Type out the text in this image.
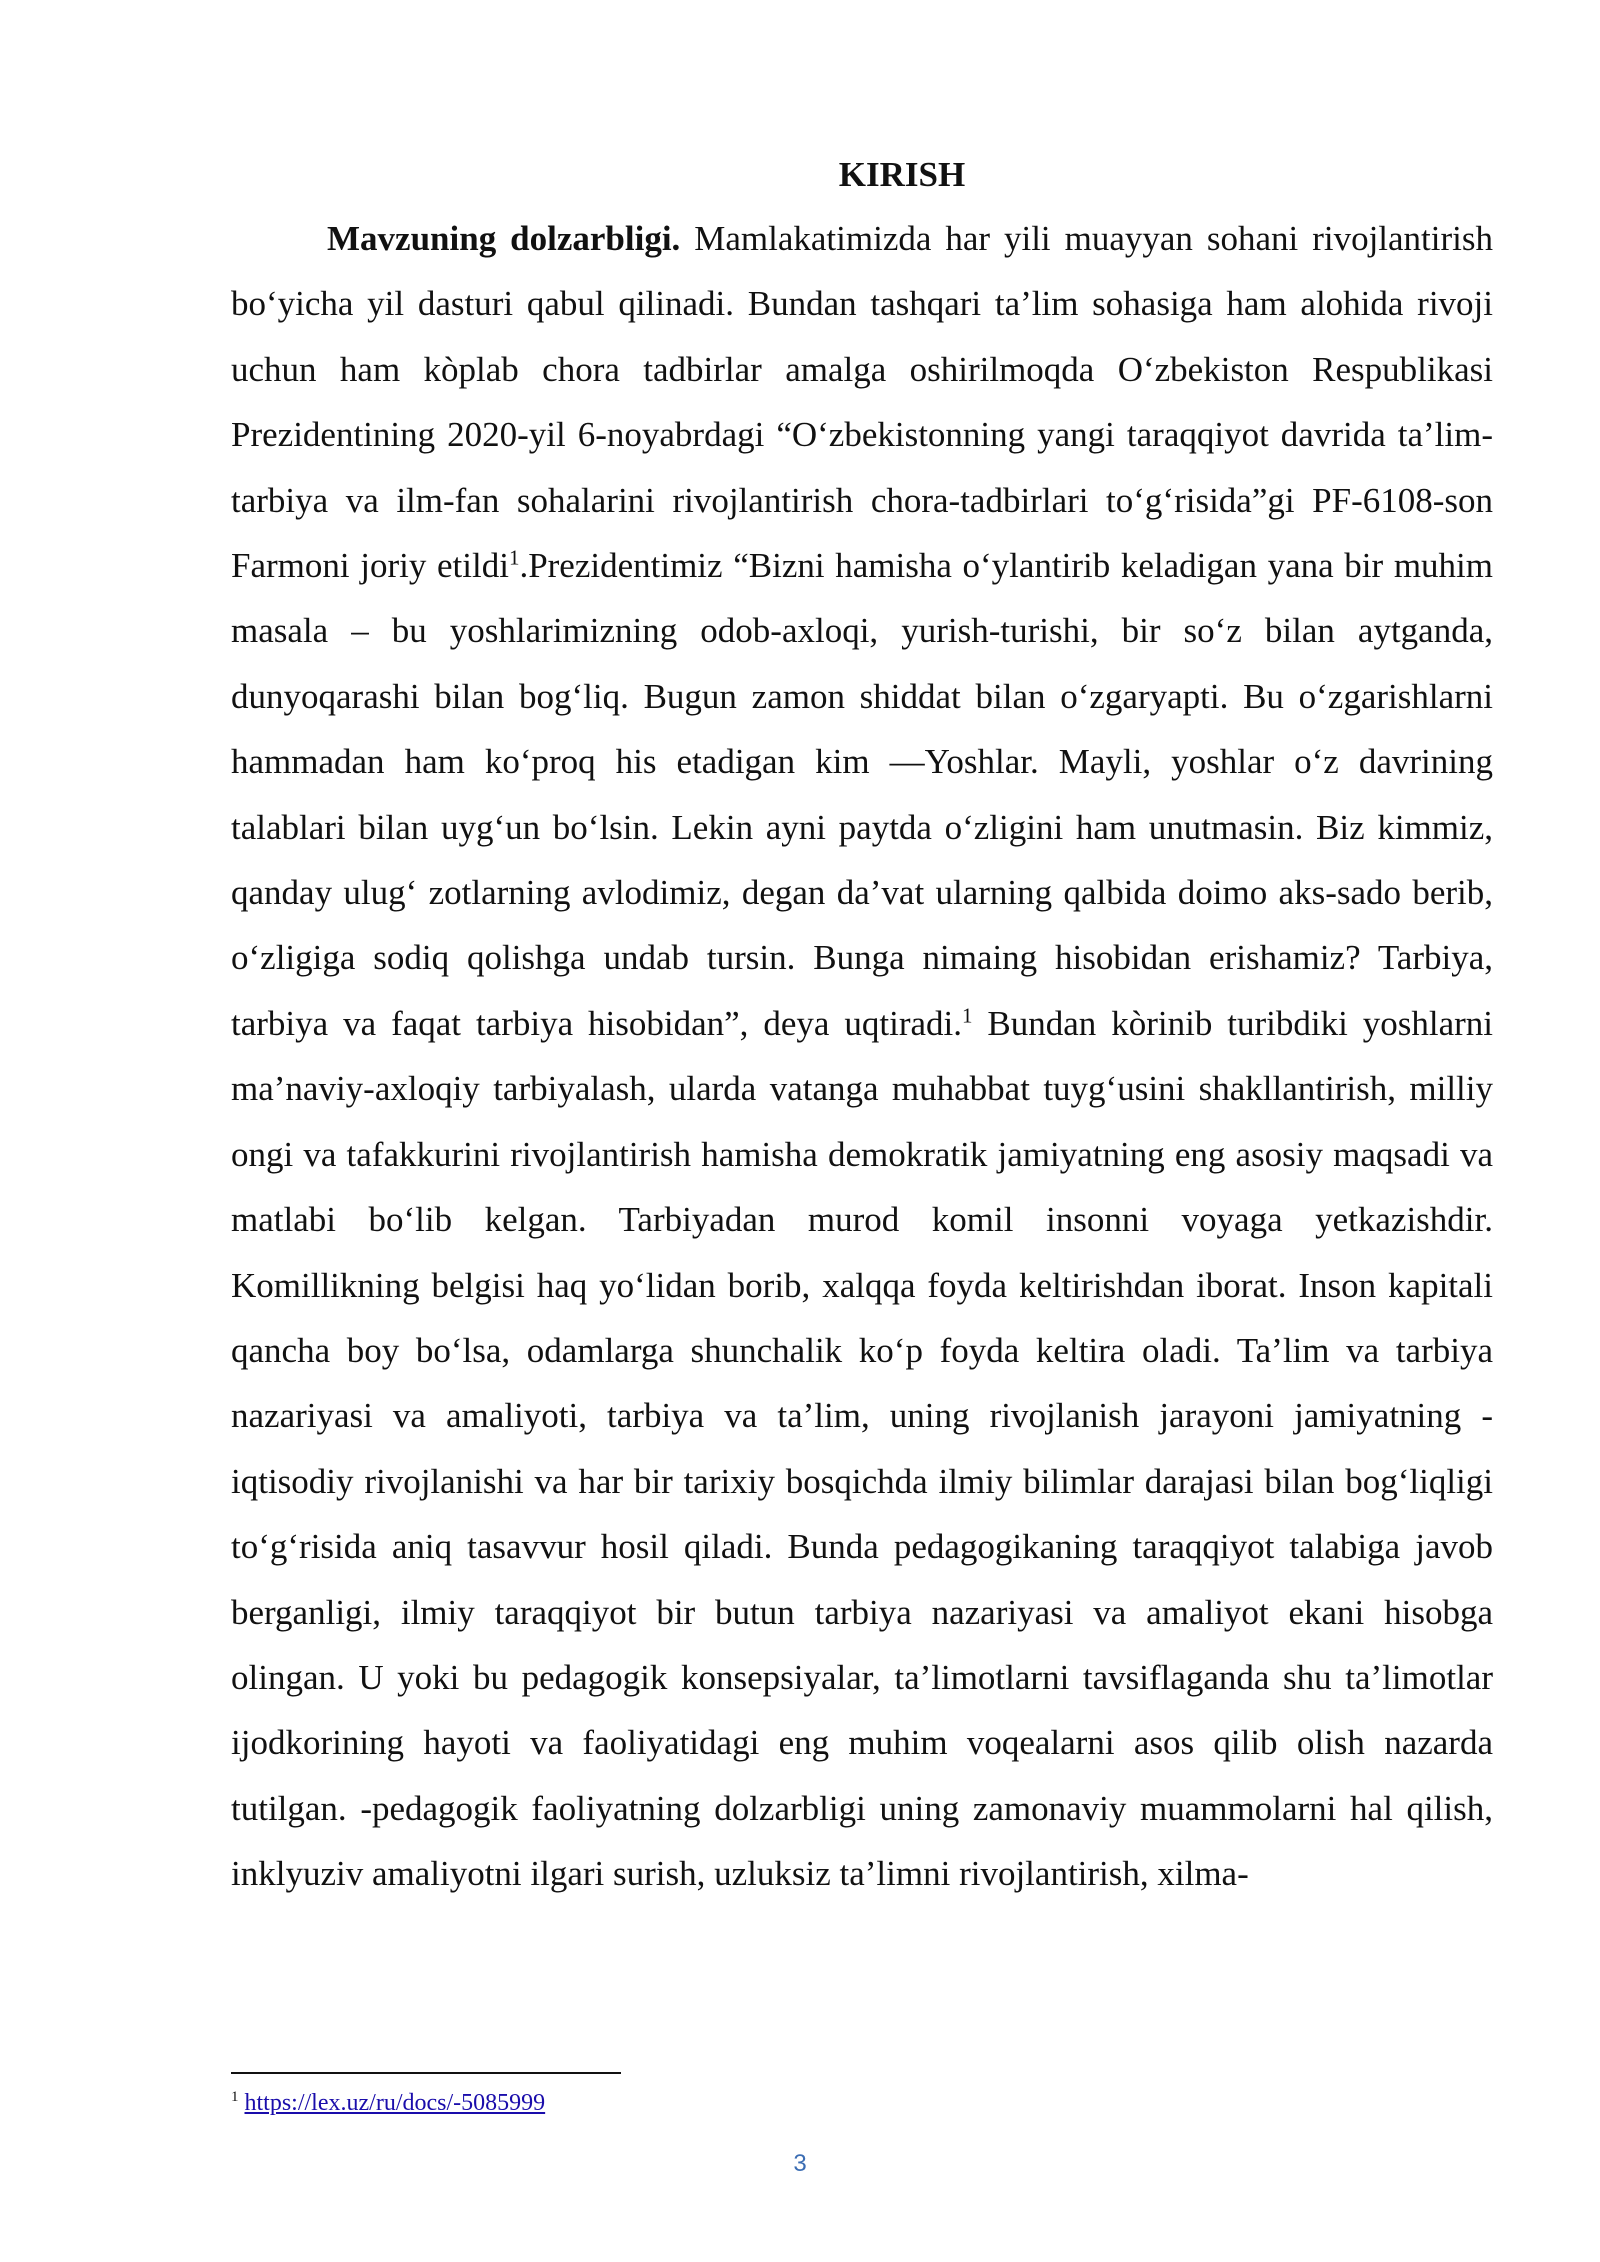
KIRISH

Mavzuning dolzarbligi. Mamlakatimizda har yili muayyan sohani rivojlantirish bo‘yicha yil dasturi qabul qilinadi. Bundan tashqari ta’lim sohasiga ham alohida rivoji uchun ham kòplab chora tadbirlar amalga oshirilmoqda O‘zbekiston Respublikasi Prezidentining 2020-yil 6-noyabrdagi “O‘zbekistonning yangi taraqqiyot davrida ta’lim-tarbiya va ilm-fan sohalarini rivojlantirish chora-tadbirlari to‘g‘risida”gi PF-6108-son Farmoni joriy etildi$^1$.Prezidentimiz “Bizni hamisha o‘ylantirib keladigan yana bir muhim masala – bu yoshlarimizning odob-axloqi, yurish-turishi, bir so‘z bilan aytganda, dunyoqarashi bilan bog‘liq. Bugun zamon shiddat bilan o‘zgaryapti. Bu o‘zgarishlarni hammadan ham ko‘proq his etadigan kim —Yoshlar. Mayli, yoshlar o‘z davrining talablari bilan uyg‘un bo‘lsin. Lekin ayni paytda o‘zligini ham unutmasin. Biz kimmiz, qanday ulug‘ zotlarning avlodimiz, degan da’vat ularning qalbida doimo aks-sado berib, o‘zligiga sodiq qolishga undab tursin. Bunga nimaing hisobidan erishamiz? Tarbiya, tarbiya va faqat tarbiya hisobidan”, deya uqtiradi.$^1$ Bundan kòrinib turibdiki yoshlarni ma’naviy-axloqiy tarbiyalash, ularda vatanga muhabbat tuyg‘usini shakllantirish, milliy ongi va tafakkurini rivojlantirish hamisha demokratik jamiyatning eng asosiy maqsadi va matlabi bo‘lib kelgan. Tarbiyadan murod komil insonni voyaga yetkazishdir. Komillikning belgisi haq yo‘lidan borib, xalqqa foyda keltirishdan iborat. Inson kapitali qancha boy bo‘lsa, odamlarga shunchalik ko‘p foyda keltira oladi. Ta’lim va tarbiya nazariyasi va amaliyoti, tarbiya va ta’lim, uning rivojlanish jarayoni jamiyatning -iqtisodiy rivojlanishi va har bir tarixiy bosqichda ilmiy bilimlar darajasi bilan bog‘liqligi to‘g‘risida aniq tasavvur hosil qiladi. Bunda pedagogikaning taraqqiyot talabiga javob berganligi, ilmiy taraqqiyot bir butun tarbiya nazariyasi va amaliyot ekani hisobga olingan. U yoki bu pedagogik konsepsiyalar, ta’limotlarni tavsiflaganda shu ta’limotlar ijodkorining hayoti va faoliyatidagi eng muhim voqealarni asos qilib olish nazarda tutilgan. -pedagogik faoliyatning dolzarbligi uning zamonaviy muammolarni hal qilish, inklyuziv amaliyotni ilgari surish, uzluksiz ta’limni rivojlantirish, xilma-

$^1$ https://lex.uz/ru/docs/-5085999
3
